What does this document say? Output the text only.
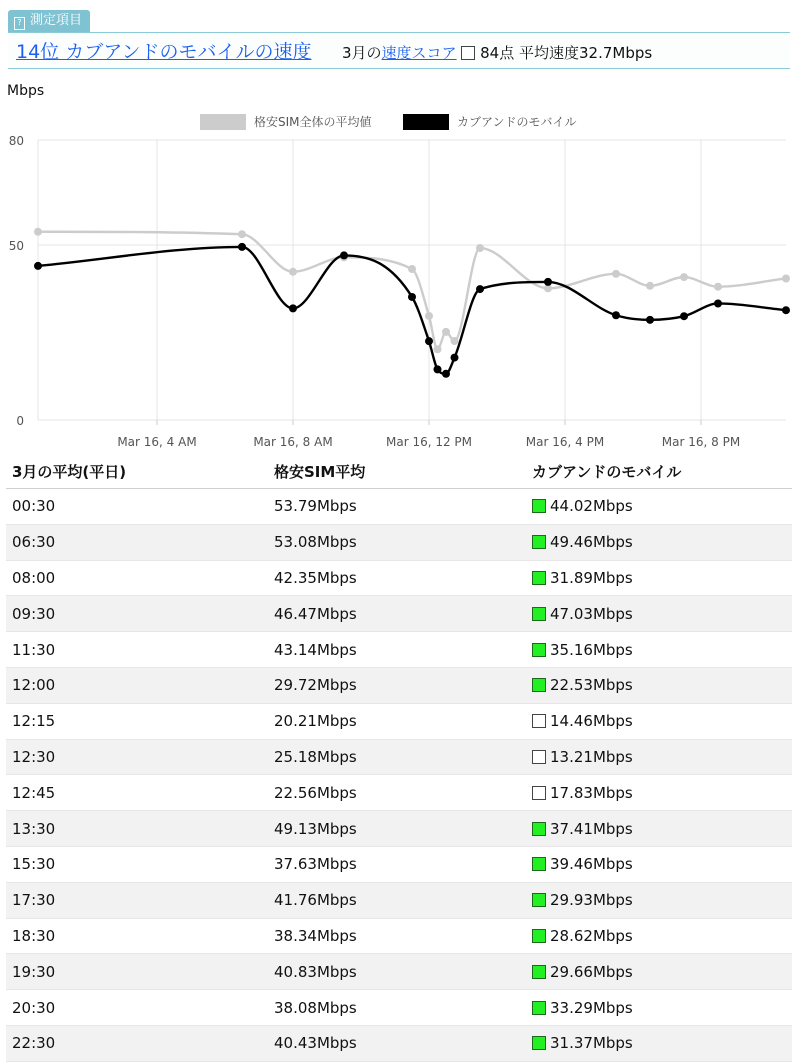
? 測定項目
14位 カブアンドのモバイルの速度 3月の速度スコア 84点 平均速度32.7Mbps
Mbps
0
50
80
Mar 16, 4 AM	Mar 16, 8 AM	Mar 16, 12 PM	Mar 16, 4 PM	Mar 16, 8 PM
格安SIM全体の平均値	カブアンドのモバイル
3月の平均(平日)	格安SIM平均	カブアンドのモバイル
00:30	53.79Mbps	44.02Mbps
06:30	53.08Mbps	49.46Mbps
08:00	42.35Mbps	31.89Mbps
09:30	46.47Mbps	47.03Mbps
11:30	43.14Mbps	35.16Mbps
12:00	29.72Mbps	22.53Mbps
12:15	20.21Mbps	14.46Mbps
12:30	25.18Mbps	13.21Mbps
12:45	22.56Mbps	17.83Mbps
13:30	49.13Mbps	37.41Mbps
15:30	37.63Mbps	39.46Mbps
17:30	41.76Mbps	29.93Mbps
18:30	38.34Mbps	28.62Mbps
19:30	40.83Mbps	29.66Mbps
20:30	38.08Mbps	33.29Mbps
22:30	40.43Mbps	31.37Mbps
